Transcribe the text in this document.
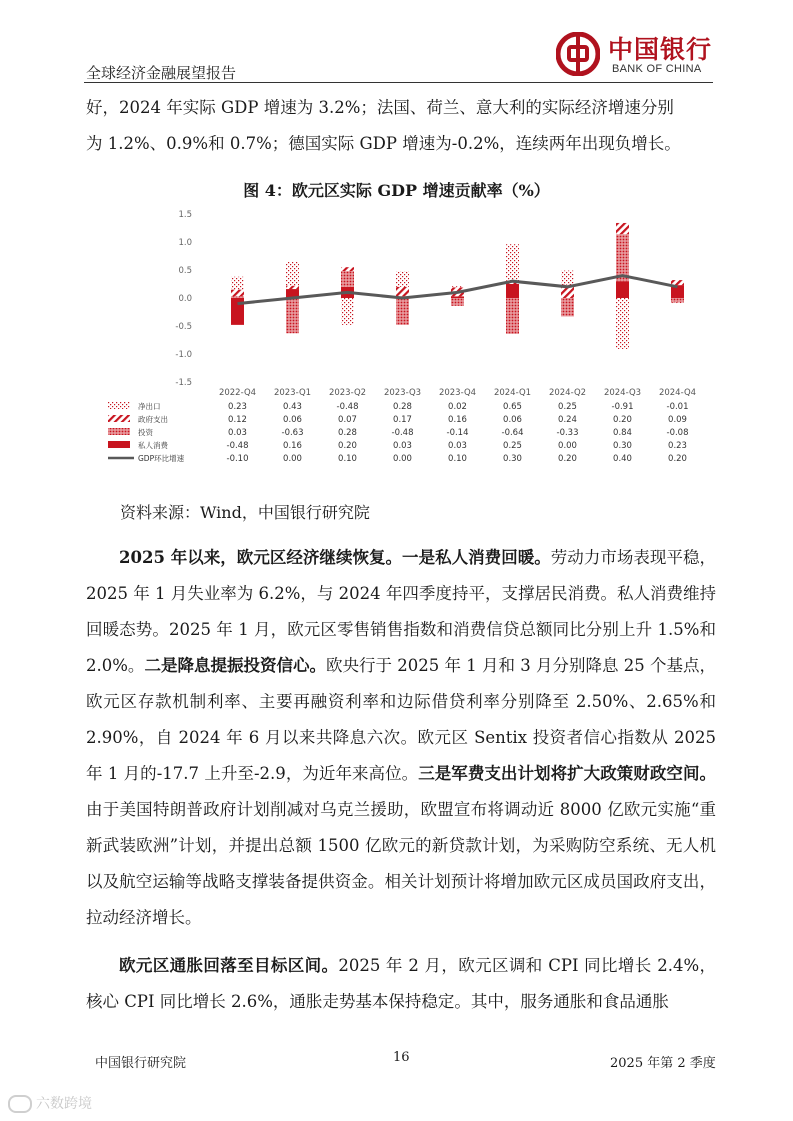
全球经济金融展望报告
中国银行
BANK OF CHINA
好，2024 年实际 GDP 增速为 3.2%；法国、荷兰、意大利的实际经济增速分别
为 1.2%、0.9%和 0.7%；德国实际 GDP 增速为-0.2%，连续两年出现负增长。
图 4：欧元区实际 GDP 增速贡献率（%）
1.5
1.0
0.5
0.0
-0.5
-1.0
-1.5
2022-Q4 2023-Q1 2023-Q2 2023-Q3 2023-Q4 2024-Q1 2024-Q2 2024-Q3 2024-Q4
净出口	0.23	0.43	-0.48	0.28	0.02	0.65	0.25	-0.91	-0.01
政府支出	0.12	0.06	0.07	0.17	0.16	0.06	0.24	0.20	0.09
投资	0.03	-0.63	0.28	-0.48	-0.14	-0.64	-0.33	0.84	-0.08
私人消费	-0.48	0.16	0.20	0.03	0.03	0.25	0.00	0.30	0.23
GDP环比增速	-0.10	0.00	0.10	0.00	0.10	0.30	0.20	0.40	0.20
资料来源：Wind，中国银行研究院
2025 年以来，欧元区经济继续恢复。一是私人消费回暖。劳动力市场表现平稳，2025 年 1 月失业率为 6.2%，与 2024 年四季度持平，支撑居民消费。私人消费维持回暖态势。2025 年 1 月，欧元区零售销售指数和消费信贷总额同比分别上升 1.5%和 2.0%。二是降息提振投资信心。欧央行于 2025 年 1 月和 3 月分别降息 25 个基点，欧元区存款机制利率、主要再融资利率和边际借贷利率分别降至 2.50%、2.65%和 2.90%，自 2024 年 6 月以来共降息六次。欧元区 Sentix 投资者信心指数从 2025 年 1 月的-17.7 上升至-2.9，为近年来高位。三是军费支出计划将扩大政策财政空间。由于美国特朗普政府计划削减对乌克兰援助，欧盟宣布将调动近 8000 亿欧元实施“重新武装欧洲”计划，并提出总额 1500 亿欧元的新贷款计划，为采购防空系统、无人机以及航空运输等战略支撑装备提供资金。相关计划预计将增加欧元区成员国政府支出，拉动经济增长。
欧元区通胀回落至目标区间。2025 年 2 月，欧元区调和 CPI 同比增长 2.4%，核心 CPI 同比增长 2.6%，通胀走势基本保持稳定。其中，服务通胀和食品通胀
中国银行研究院	16	2025 年第 2 季度
六数跨境
